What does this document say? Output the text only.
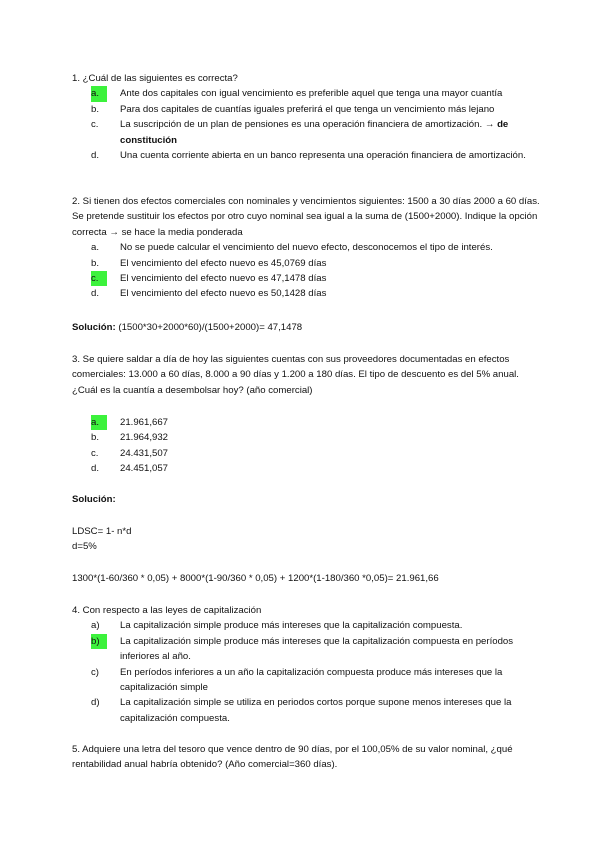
1. ¿Cuál de las siguientes es correcta?

a.	Ante dos capitales con igual vencimiento es preferible aquel que tenga una mayor cuantía
b.	Para dos capitales de cuantías iguales preferirá el que tenga un vencimiento más lejano
c.	La suscripción de un plan de pensiones es una operación financiera de amortización. → de constitución
d.	Una cuenta corriente abierta en un banco representa una operación financiera de amortización.

2. Si tienen dos efectos comerciales con nominales y vencimientos siguientes: 1500 a 30 días 2000 a 60 días. Se pretende sustituir los efectos por otro cuyo nominal sea igual a la suma de (1500+2000). Indique la opción correcta → se hace la media ponderada

a.	No se puede calcular el vencimiento del nuevo efecto, desconocemos el tipo de interés.
b.	El vencimiento del efecto nuevo es 45,0769 días
c.	El vencimiento del efecto nuevo es 47,1478 días
d.	El vencimiento del efecto nuevo es 50,1428 días
Solución: (1500*30+2000*60)/(1500+2000)= 47,1478

3. Se quiere saldar a día de hoy las siguientes cuentas con sus proveedores documentadas en efectos comerciales: 13.000 a 60 días, 8.000 a 90 días y 1.200 a 180 días. El tipo de descuento es del 5% anual.¿Cuál es la cuantía a desembolsar hoy? (año comercial)

a.	21.961,667
b.	21.964,932
c.	24.431,507
d.	24.451,057
Solución:
LDSC= 1- n*d
d=5%
1300*(1-60/360 * 0,05) + 8000*(1-90/360 * 0,05) + 1200*(1-180/360 *0,05)= 21.961,66

4. Con respecto a las leyes de capitalización

a)	La capitalización simple produce más intereses que la capitalización compuesta.
b)	La capitalización simple produce más intereses que la capitalización compuesta en períodos inferiores al año.
c)	En períodos inferiores a un año la capitalización compuesta produce más intereses que la capitalización simple
d)	La capitalización simple se utiliza en periodos cortos porque supone menos intereses que la capitalización compuesta.

5. Adquiere una letra del tesoro que vence dentro de 90 días, por el 100,05% de su valor nominal, ¿qué rentabilidad anual habría obtenido? (Año comercial=360 días).
